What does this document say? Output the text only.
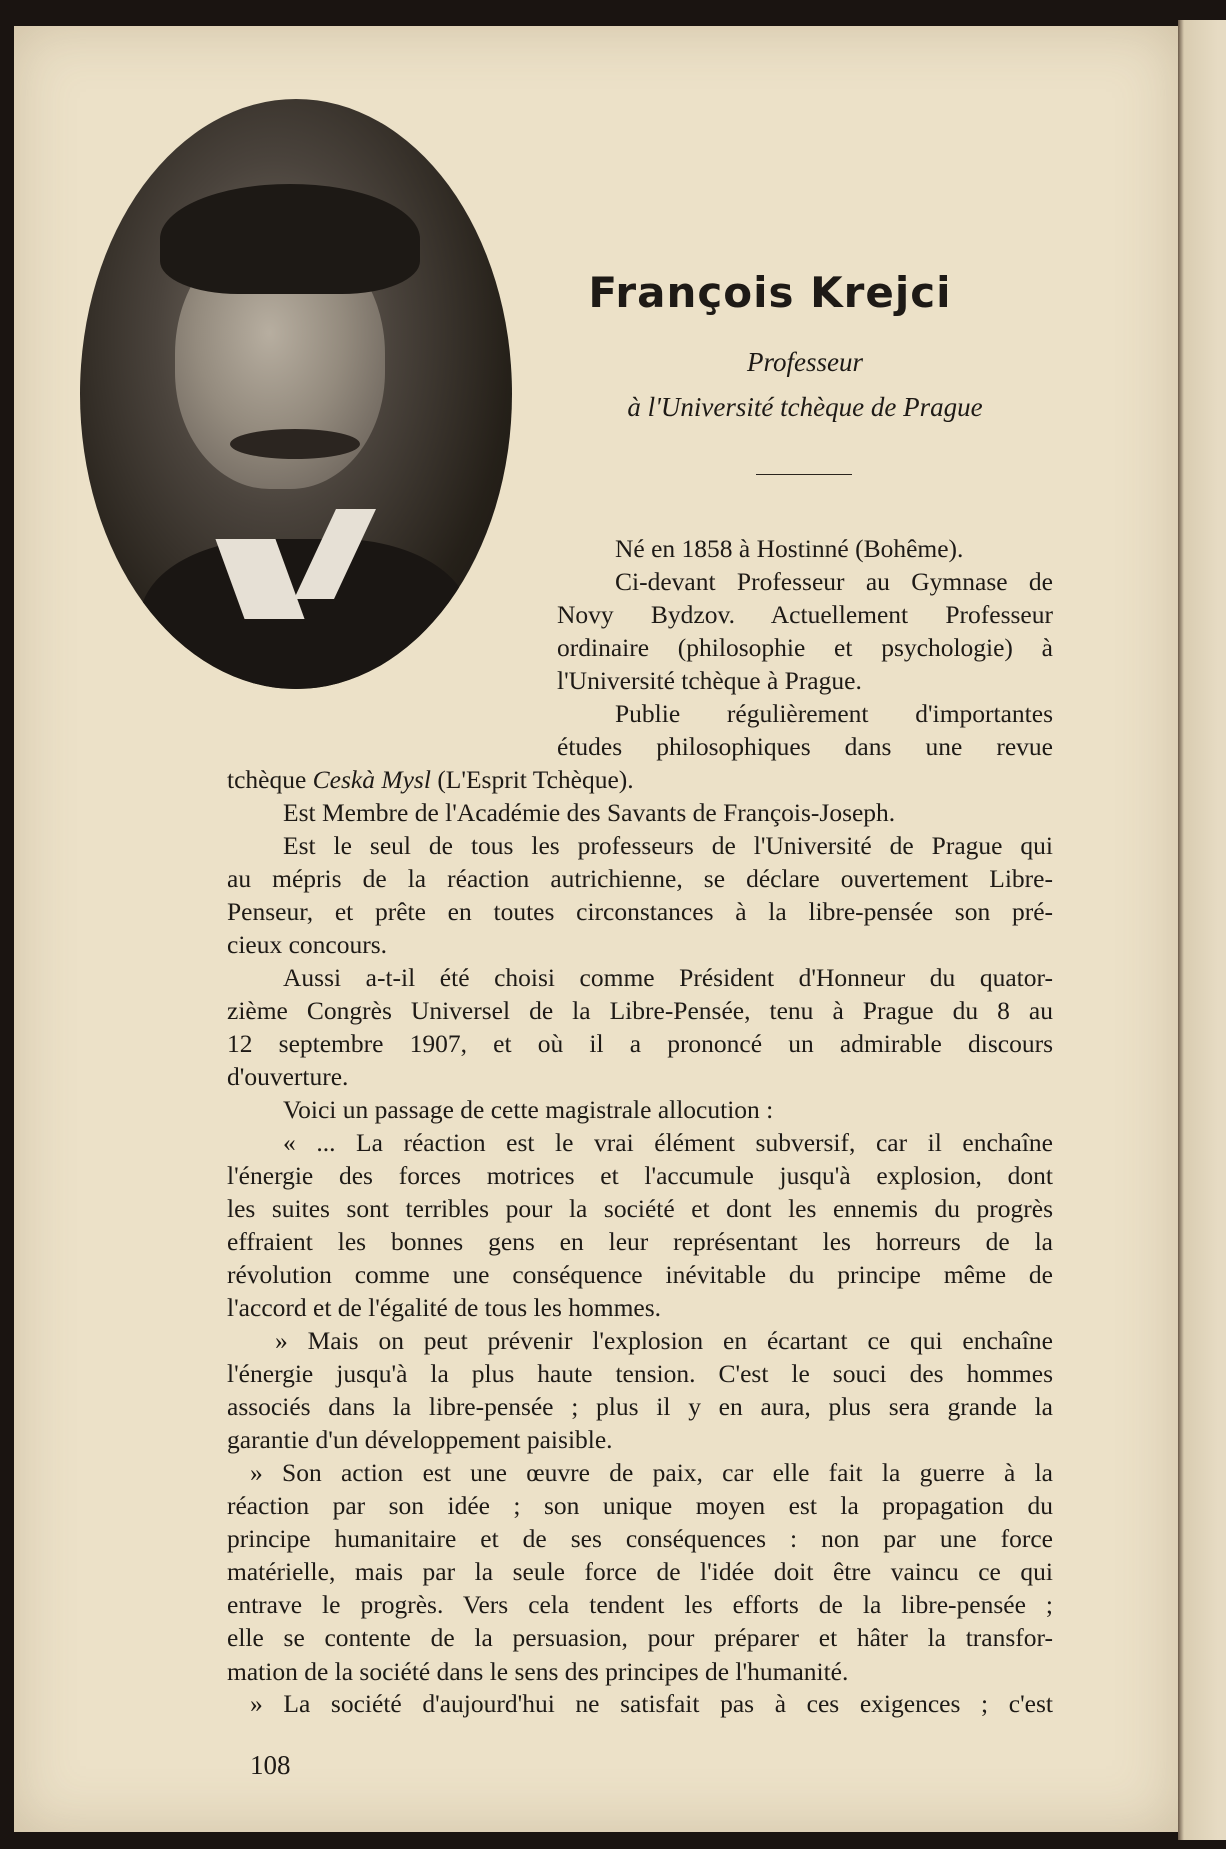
François Krejci

Professeur

à l'Université tchèque de Prague

Né en 1858 à Hostinné (Bohême).
Ci-devant Professeur au Gymnase de
Novy Bydzov. Actuellement Professeur
ordinaire (philosophie et psychologie) à
l'Université tchèque à Prague.
Publie régulièrement d'importantes
études philosophiques dans une revue
tchèque Ceskà Mysl (L'Esprit Tchèque).
Est Membre de l'Académie des Savants de François-Joseph.
Est le seul de tous les professeurs de l'Université de Prague qui
au mépris de la réaction autrichienne, se déclare ouvertement Libre-
Penseur, et prête en toutes circonstances à la libre-pensée son pré-
cieux concours.
Aussi a-t-il été choisi comme Président d'Honneur du quator-
zième Congrès Universel de la Libre-Pensée, tenu à Prague du 8 au
12 septembre 1907, et où il a prononcé un admirable discours
d'ouverture.
Voici un passage de cette magistrale allocution :
« ... La réaction est le vrai élément subversif, car il enchaîne
l'énergie des forces motrices et l'accumule jusqu'à explosion, dont
les suites sont terribles pour la société et dont les ennemis du progrès
effraient les bonnes gens en leur représentant les horreurs de la
révolution comme une conséquence inévitable du principe même de
l'accord et de l'égalité de tous les hommes.
» Mais on peut prévenir l'explosion en écartant ce qui enchaîne
l'énergie jusqu'à la plus haute tension. C'est le souci des hommes
associés dans la libre-pensée ; plus il y en aura, plus sera grande la
garantie d'un développement paisible.
» Son action est une œuvre de paix, car elle fait la guerre à la
réaction par son idée ; son unique moyen est la propagation du
principe humanitaire et de ses conséquences : non par une force
matérielle, mais par la seule force de l'idée doit être vaincu ce qui
entrave le progrès. Vers cela tendent les efforts de la libre-pensée ;
elle se contente de la persuasion, pour préparer et hâter la transfor-
mation de la société dans le sens des principes de l'humanité.
» La société d'aujourd'hui ne satisfait pas à ces exigences ; c'est

108
